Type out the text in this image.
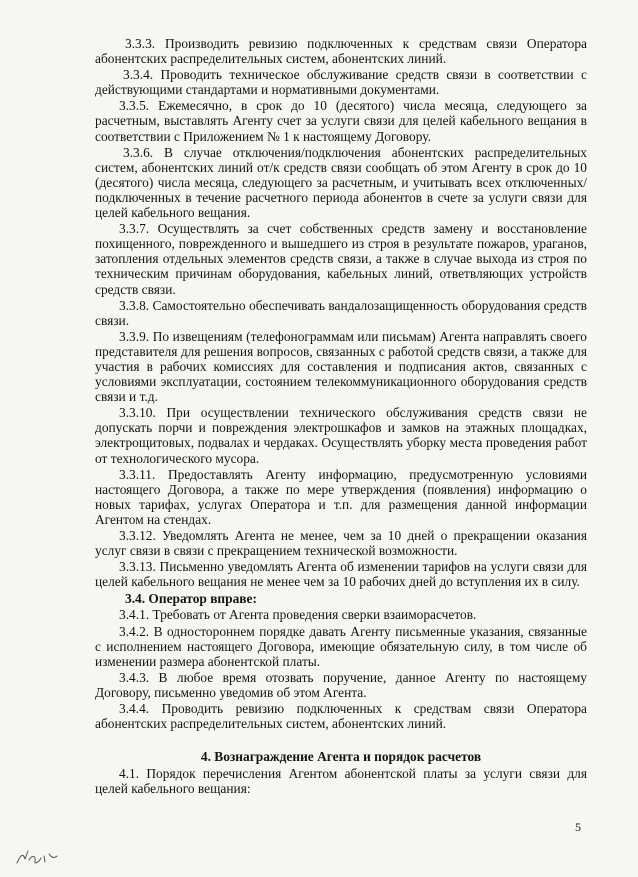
3.3.3. Производить ревизию подключенных к средствам связи Оператора абонентских распределительных систем, абонентских линий.

3.3.4. Проводить техническое обслуживание средств связи в соответствии с действующими стандартами и нормативными документами.

3.3.5. Ежемесячно, в срок до 10 (десятого) числа месяца, следующего за расчетным, выставлять Агенту счет за услуги связи для целей кабельного вещания в соответствии с Приложением № 1 к настоящему Договору.

3.3.6. В случае отключения/подключения абонентских распределительных систем, абонентских линий от/к средств связи сообщать об этом Агенту в срок до 10 (десятого) числа месяца, следующего за расчетным, и учитывать всех отключенных/подключенных в течение расчетного периода абонентов в счете за услуги связи для целей кабельного вещания.

3.3.7. Осуществлять за счет собственных средств замену и восстановление похищенного, поврежденного и вышедшего из строя в результате пожаров, ураганов, затопления отдельных элементов средств связи, а также в случае выхода из строя по техническим причинам оборудования, кабельных линий, ответвляющих устройств средств связи.

3.3.8. Самостоятельно обеспечивать вандалозащищенность оборудования средств связи.

3.3.9. По извещениям (телефонограммам или письмам) Агента направлять своего представителя для решения вопросов, связанных с работой средств связи, а также для участия в рабочих комиссиях для составления и подписания актов, связанных с условиями эксплуатации, состоянием телекоммуникационного оборудования средств связи и т.д.

3.3.10. При осуществлении технического обслуживания средств связи не допускать порчи и повреждения электрошкафов и замков на этажных площадках, электрощитовых, подвалах и чердаках. Осуществлять уборку места проведения работ от технологического мусора.

3.3.11. Предоставлять Агенту информацию, предусмотренную условиями настоящего Договора, а также по мере утверждения (появления) информацию о новых тарифах, услугах Оператора и т.п. для размещения данной информации Агентом на стендах.

3.3.12. Уведомлять Агента не менее, чем за 10 дней о прекращении оказания услуг связи в связи с прекращением технической возможности.

3.3.13. Письменно уведомлять Агента об изменении тарифов на услуги связи для целей кабельного вещания не менее чем за 10 рабочих дней до вступления их в силу.

3.4. Оператор вправе:

3.4.1. Требовать от Агента проведения сверки взаиморасчетов.

3.4.2. В одностороннем порядке давать Агенту письменные указания, связанные с исполнением настоящего Договора, имеющие обязательную силу, в том числе об изменении размера абонентской платы.

3.4.3. В любое время отозвать поручение, данное Агенту по настоящему Договору, письменно уведомив об этом Агента.

3.4.4. Проводить ревизию подключенных к средствам связи Оператора абонентских распределительных систем, абонентских линий.

4. Вознаграждение Агента и порядок расчетов

4.1. Порядок перечисления Агентом абонентской платы за услуги связи для целей кабельного вещания:

5
